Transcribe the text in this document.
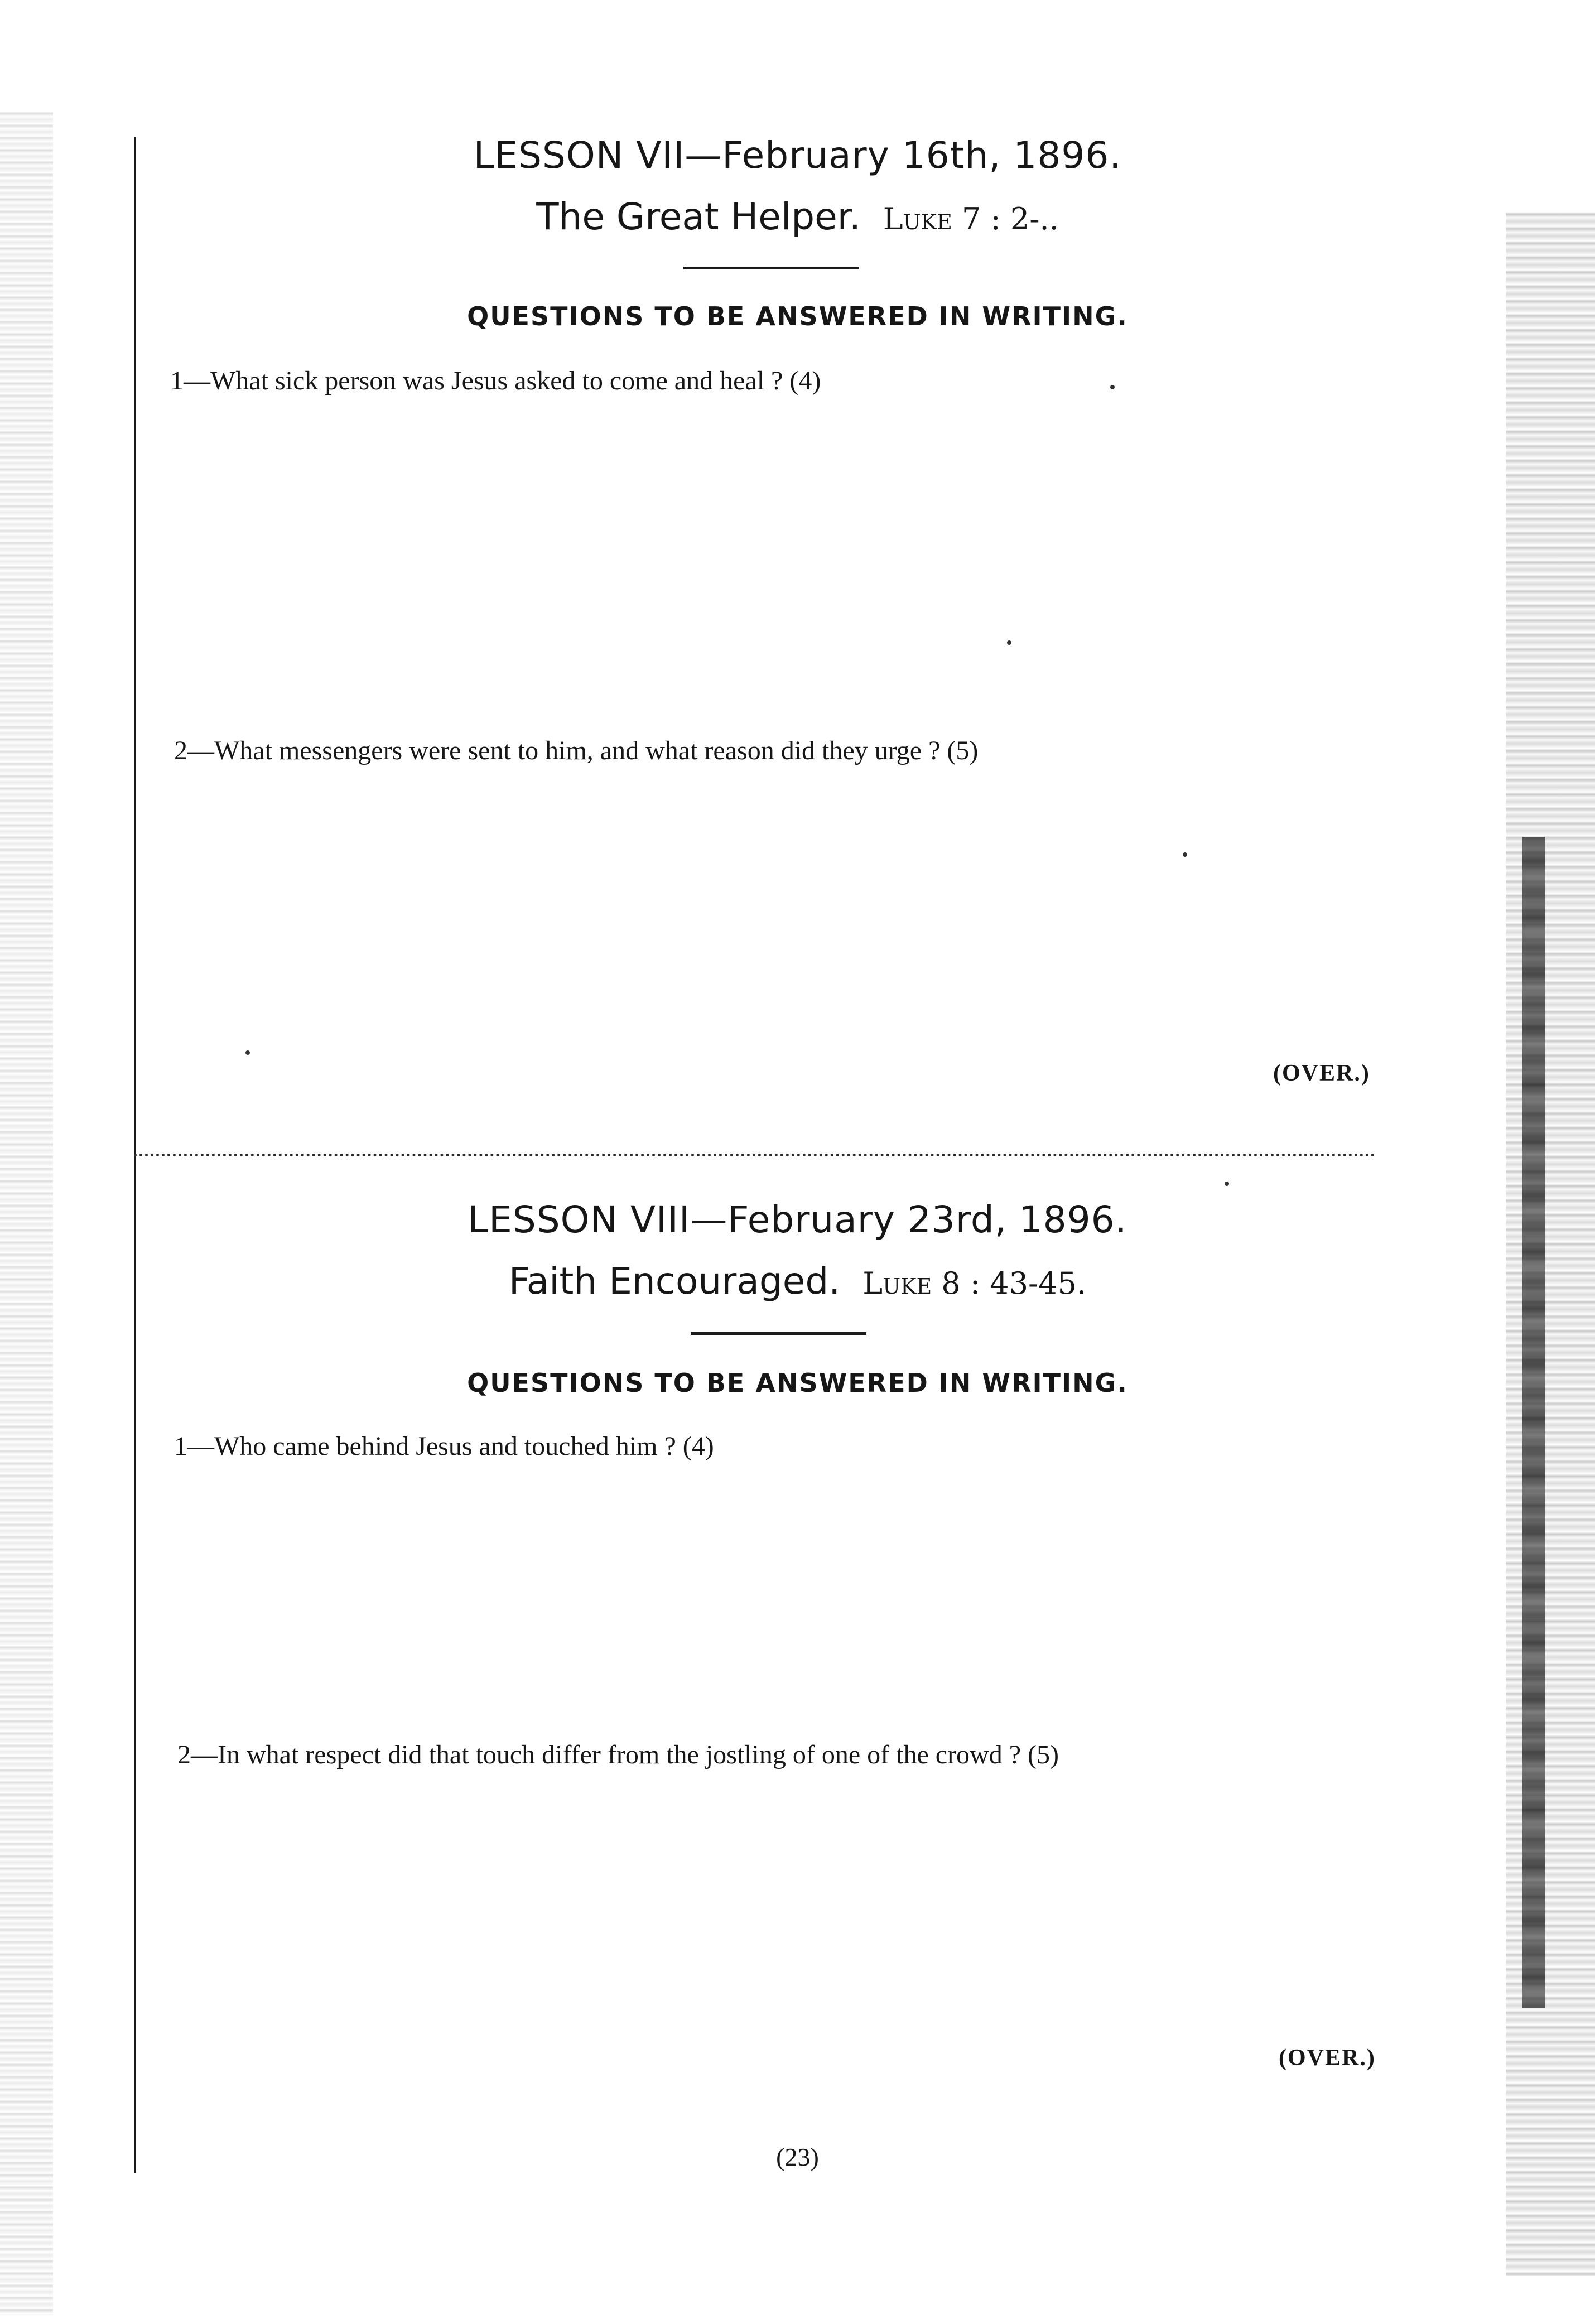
LESSON VII—February 16th, 1896.
The Great Helper. Luke 7 : 2-..
QUESTIONS TO BE ANSWERED IN WRITING.
1—What sick person was Jesus asked to come and heal ? (4)
2—What messengers were sent to him, and what reason did they urge ? (5)
(OVER.)
LESSON VIII—February 23rd, 1896.
Faith Encouraged. Luke 8 : 43-45.
QUESTIONS TO BE ANSWERED IN WRITING.
1—Who came behind Jesus and touched him ? (4)
2—In what respect did that touch differ from the jostling of one of the crowd ? (5)
(OVER.)
(23)
